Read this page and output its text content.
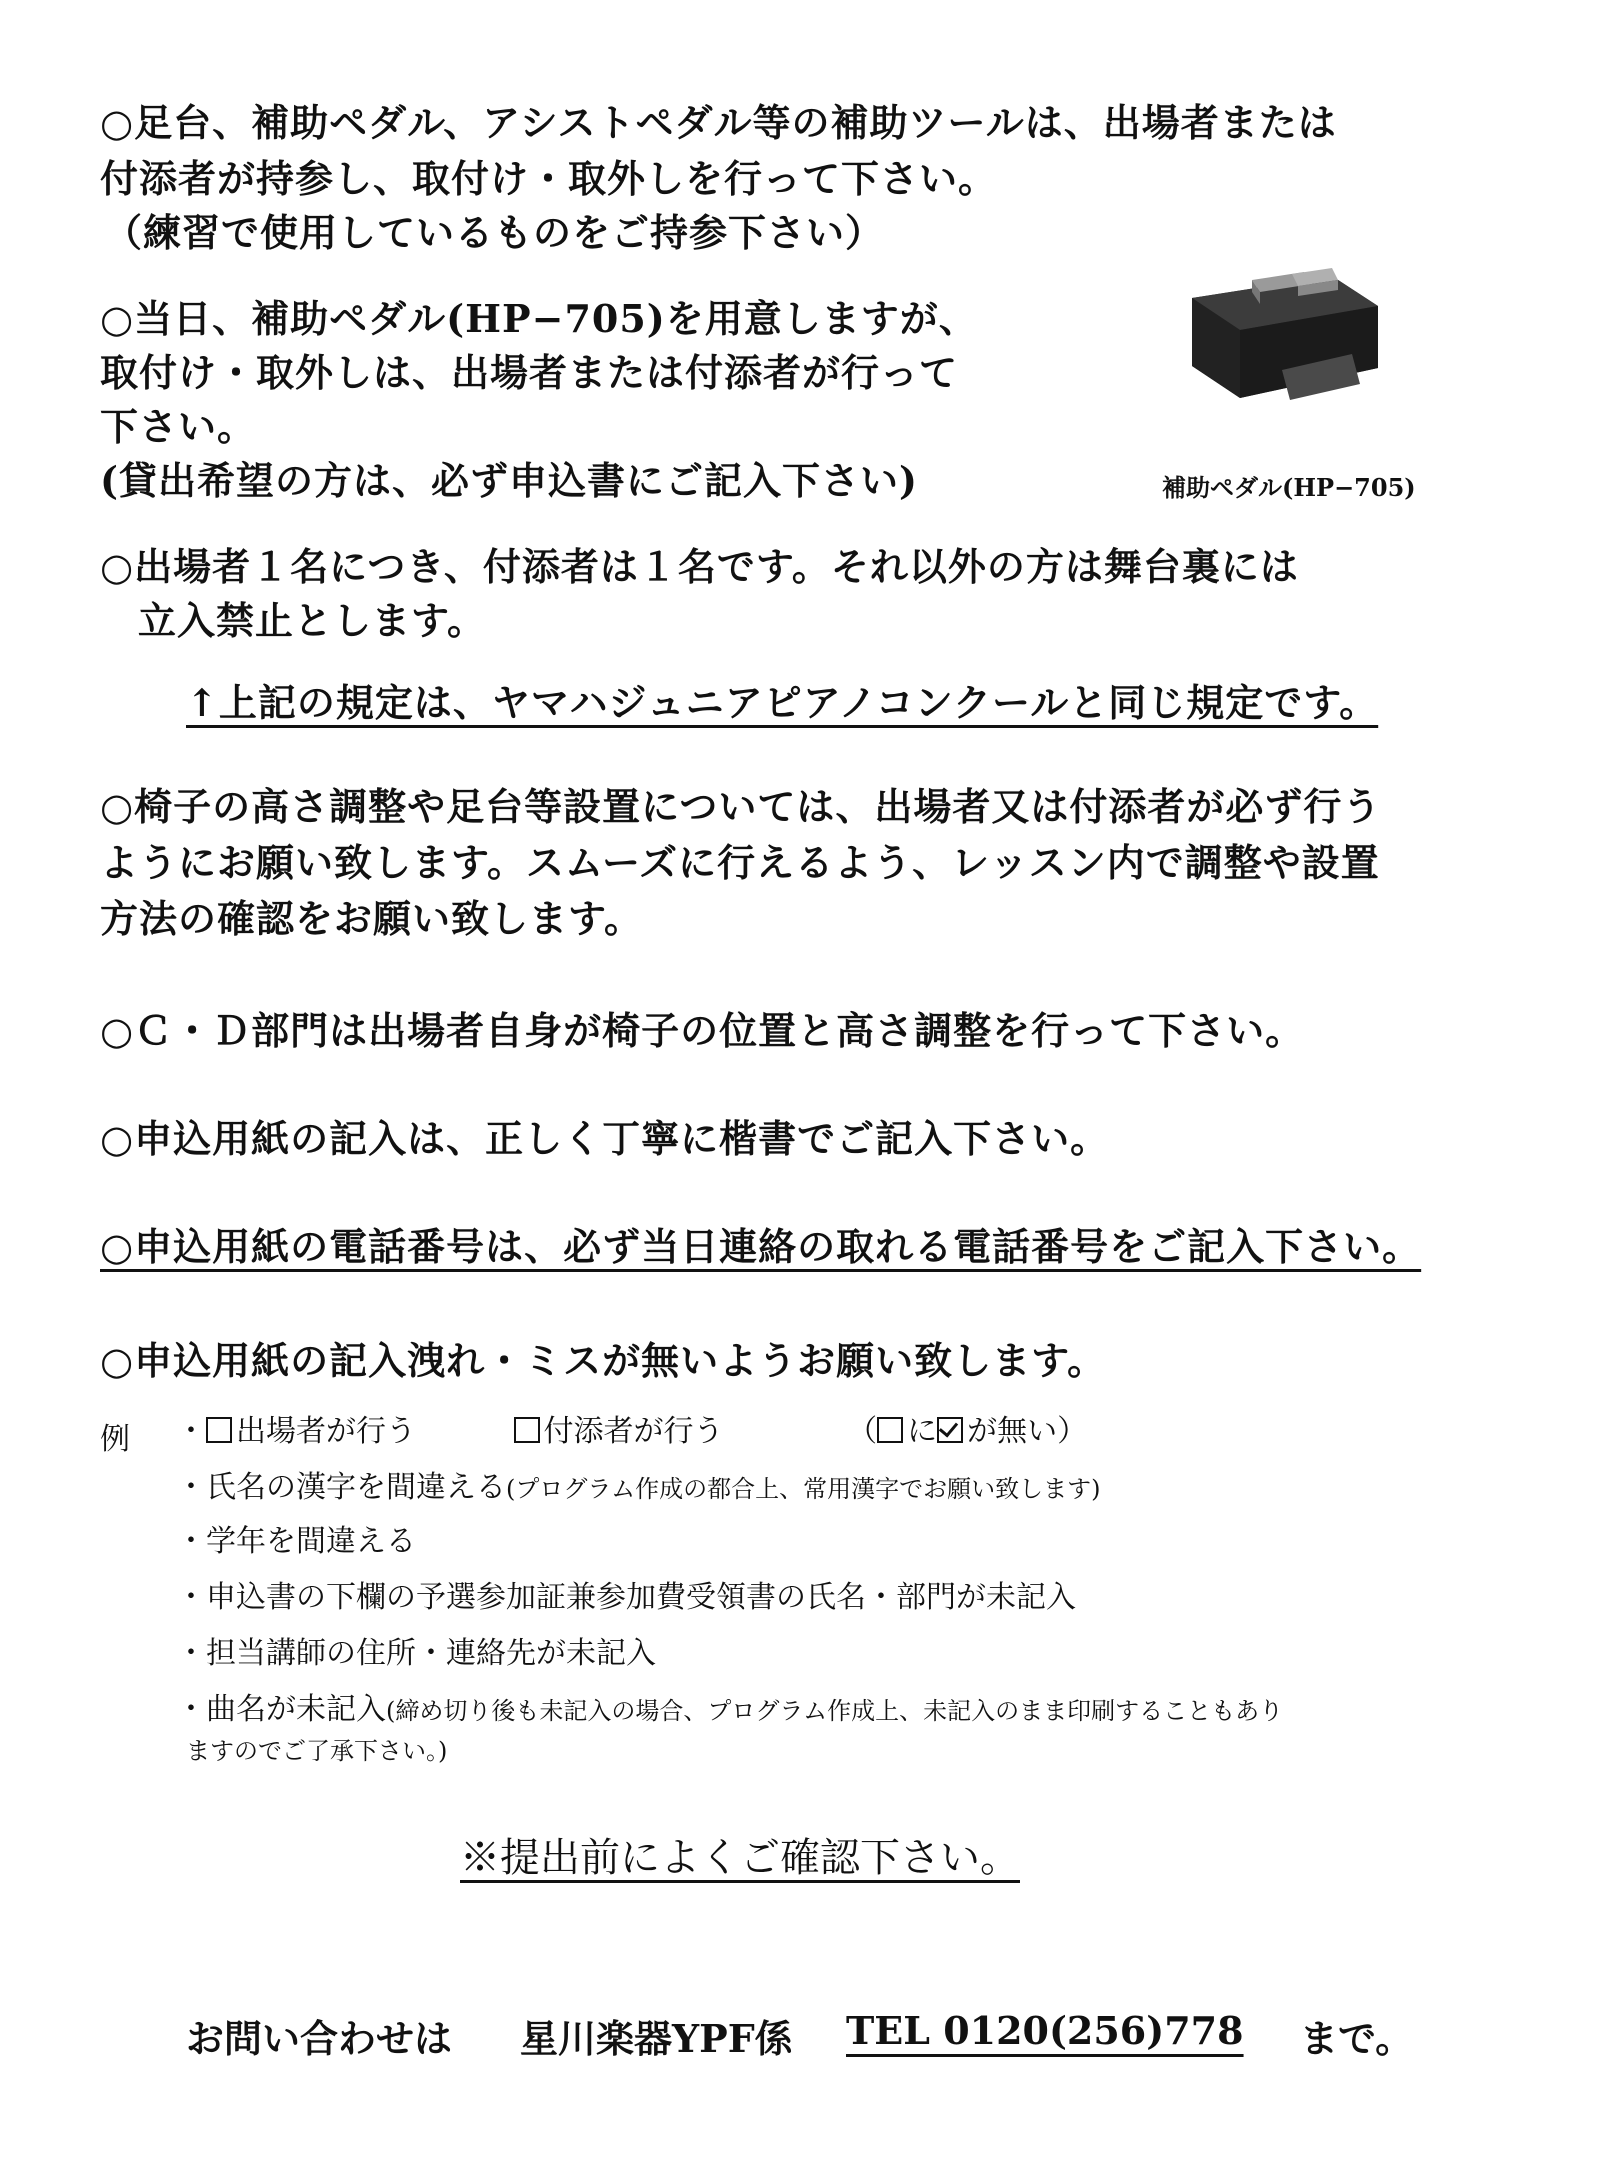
○足台、補助ペダル、アシストペダル等の補助ツールは、出場者または

付添者が持参し、取付け・取外しを行って下さい。

（練習で使用しているものをご持参下さい）

○当日、補助ペダル(HP−705)を用意しますが、

取付け・取外しは、出場者または付添者が行って

下さい。

(貸出希望の方は、必ず申込書にご記入下さい)	補助ペダル(HP−705)

○出場者１名につき、付添者は１名です。それ以外の方は舞台裏には

立入禁止とします。

↑上記の規定は、ヤマハジュニアピアノコンクールと同じ規定です。

○椅子の高さ調整や足台等設置については、出場者又は付添者が必ず行う

ようにお願い致します。スムーズに行えるよう、レッスン内で調整や設置

方法の確認をお願い致します。

○Ｃ・Ｄ部門は出場者自身が椅子の位置と高さ調整を行って下さい。

○申込用紙の記入は、正しく丁寧に楷書でご記入下さい。

○申込用紙の電話番号は、必ず当日連絡の取れる電話番号をご記入下さい。

○申込用紙の記入洩れ・ミスが無いようお願い致します。

例 ・ 出場者が行う	付添者が行う	（ に が無い）
・氏名の漢字を間違える(プログラム作成の都合上、常用漢字でお願い致します)
・学年を間違える
・申込書の下欄の予選参加証兼参加費受領書の氏名・部門が未記入
・担当講師の住所・連絡先が未記入
・曲名が未記入(締め切り後も未記入の場合、プログラム作成上、未記入のまま印刷することもあり
ますのでご了承下さい。)

※提出前によくご確認下さい。

お問い合わせは 星川楽器YPF係 TEL 0120(256)778 まで。
